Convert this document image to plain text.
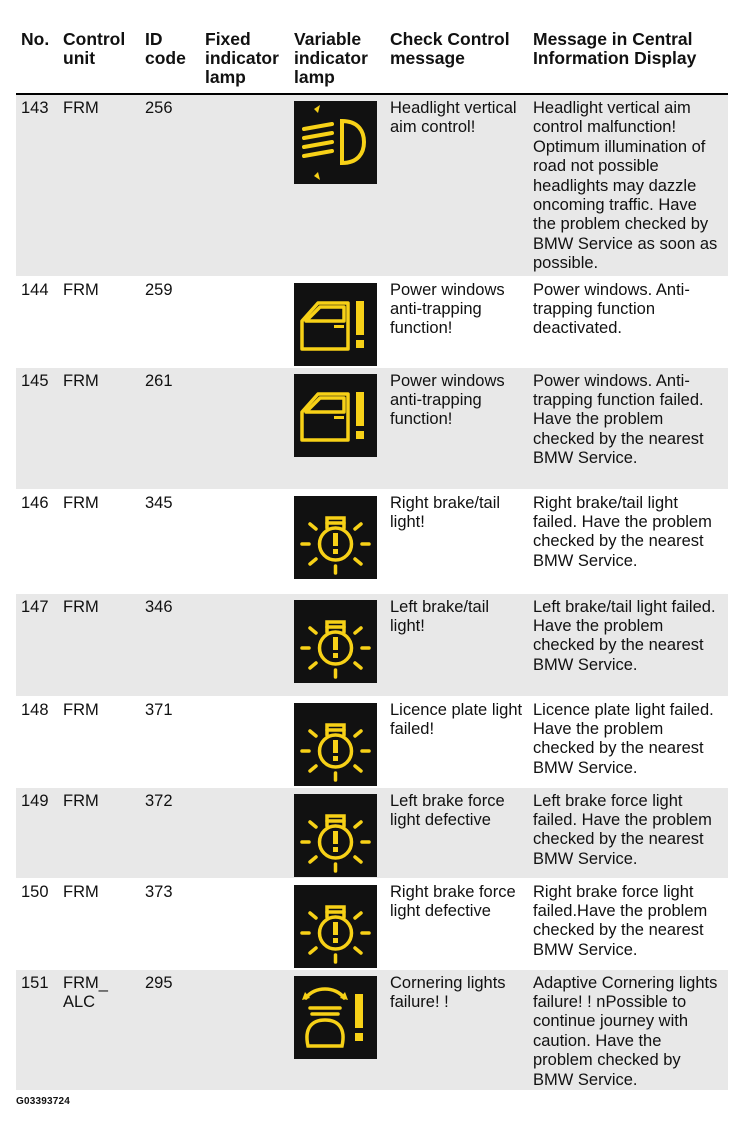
No.	Control unit	ID code	Fixed indicator lamp	Variable indicator lamp	Check Control message	Message in Central Information Display
143	FRM	256			Headlight vertical aim control!	Headlight vertical aim control malfunction! Optimum illumination of road not possible headlights may dazzle oncoming traffic. Have the problem checked by BMW Service as soon as possible.
144	FRM	259			Power windows anti-trapping function!	Power windows. Anti-trapping function deactivated.
145	FRM	261			Power windows anti-trapping function!	Power windows. Anti-trapping function failed. Have the problem checked by the nearest BMW Service.
146	FRM	345			Right brake/tail light!	Right brake/tail light failed. Have the problem checked by the nearest BMW Service.
147	FRM	346			Left brake/tail light!	Left brake/tail light failed. Have the problem checked by the nearest BMW Service.
148	FRM	371			Licence plate light failed!	Licence plate light failed. Have the problem checked by the nearest BMW Service.
149	FRM	372			Left brake force light defective	Left brake force light failed. Have the problem checked by the nearest BMW Service.
150	FRM	373			Right brake force light defective	Right brake force light failed.Have the problem checked by the nearest BMW Service.
151	FRM_ ALC	295			Cornering lights failure! !	Adaptive Cornering lights failure! ! nPossible to continue journey with caution. Have the problem checked by BMW Service.
G03393724
